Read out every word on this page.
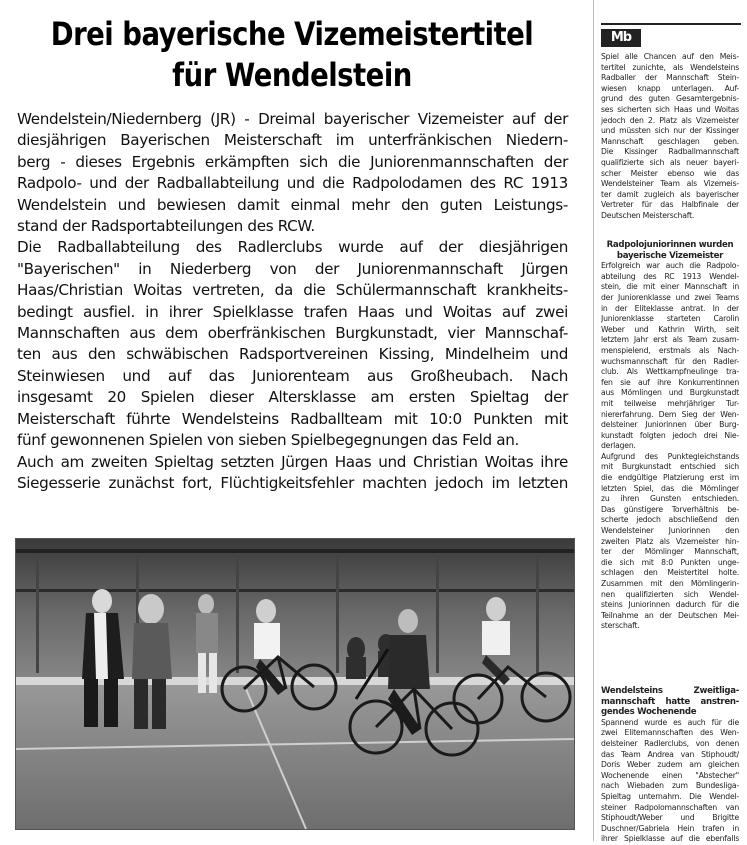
Drei bayerische Vizemeistertitel
für Wendelstein

Wendelstein/Niedernberg (JR) - Dreimal bayerischer Vizemeister auf der

diesjährigen Bayerischen Meisterschaft im unterfränkischen Niedern-

berg - dieses Ergebnis erkämpften sich die Juniorenmannschaften der

Radpolo- und der Radballabteilung und die Radpolodamen des RC 1913

Wendelstein und bewiesen damit einmal mehr den guten Leistungs-

stand der Radsportabteilungen des RCW.

Die Radballabteilung des Radlerclubs wurde auf der diesjährigen

"Bayerischen" in Niederberg von der Juniorenmannschaft Jürgen

Haas/Christian Woitas vertreten, da die Schülermannschaft krankheits-

bedingt ausfiel. in ihrer Spielklasse trafen Haas und Woitas auf zwei

Mannschaften aus dem oberfränkischen Burgkunstadt, vier Mannschaf-

ten aus den schwäbischen Radsportvereinen Kissing, Mindelheim und

Steinwiesen und auf das Juniorenteam aus Großheubach. Nach

insgesamt 20 Spielen dieser Altersklasse am ersten Spieltag der

Meisterschaft führte Wendelsteins Radballteam mit 10:0 Punkten mit

fünf gewonnenen Spielen von sieben Spielbegegnungen das Feld an.

Auch am zweiten Spieltag setzten Jürgen Haas und Christian Woitas ihre

Siegesserie zunächst fort, Flüchtigkeitsfehler machten jedoch im letzten

Mb

Spiel alle Chancen auf den Meis-

tertitel zunichte, als Wendelsteins

Radballer der Mannschaft Stein-

wiesen knapp unterlagen. Auf-

grund des guten Gesamtergebnis-

ses sicherten sich Haas und Woitas

jedoch den 2. Platz als Vizemeister

und müssten sich nur der Kissinger

Mannschaft geschlagen geben.

Die Kissinger Radballmannschaft

qualifizierte sich als neuer bayeri-

scher Meister ebenso wie das

Wendelsteiner Team als Vizemeis-

ter damit zugleich als bayerischer

Vertreter für das Halbfinale der

Deutschen Meisterschaft.

Radpolojuniorinnen wurden

bayerische Vizemeister

Erfolgreich war auch die Radpolo-

abteilung des RC 1913 Wendel-

stein, die mit einer Mannschaft in

der Juniorenklasse und zwei Teams

in der Eliteklasse antrat. In der

Juniorenklasse starteten Carolin

Weber und Kathrin Wirth, seit

letztem Jahr erst als Team zusam-

menspielend, erstmals als Nach-

wuchsmannschaft für den Radler-

club. Als Wettkampfneulinge tra-

fen sie auf ihre Konkurrentinnen

aus Mömlingen und Burgkunstadt

mit teilweise mehrjähriger Tur-

niererfahrung. Dem Sieg der Wen-

delsteiner Juniorinnen über Burg-

kunstadt folgten jedoch drei Nie-

derlagen.

Aufgrund des Punktegleichstands

mit Burgkunstadt entschied sich

die endgültige Platzierung erst im

letzten Spiel, das die Mömlinger

zu ihren Gunsten entschieden.

Das günstigere Torverhältnis be-

scherte jedoch abschließend den

Wendelsteiner Juniorinnen den

zweiten Platz als Vizemeister hin-

ter der Mömlinger Mannschaft,

die sich mit 8:0 Punkten unge-

schlagen den Meistertitel holte.

Zusammen mit den Mömlingerin-

nen qualifizierten sich Wendel-

steins Juniorinnen dadurch für die

Teilnahme an der Deutschen Mei-

sterschaft.

Wendelsteins Zweitliga-

mannschaft hatte anstren-

gendes Wochenende

Spannend wurde es auch für die

zwei Elitemannschaften des Wen-

delsteiner Radlerclubs, von denen

das Team Andrea van Stiphoudt/

Doris Weber zudem am gleichen

Wochenende einen "Abstecher"

nach Wiebaden zum Bundesliga-

Spieltag unternahm. Die Wendel-

steiner Radpolomannschaften van

Stiphoudt/Weber und Brigitte

Duschner/Gabriela Hein trafen in

ihrer Spielklasse auf die ebenfalls
